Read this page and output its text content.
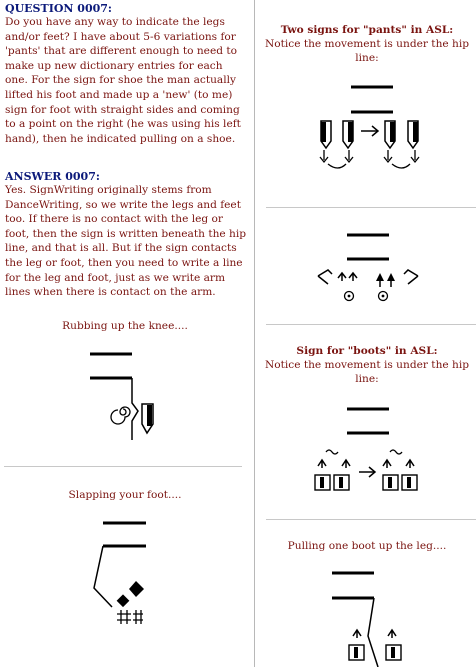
QUESTION 0007:
Do you have any way to indicate the legs and/or feet? I have about 5-6 variations for 'pants' that are different enough to need to make up new dictionary entries for each one. For the sign for shoe the man actually lifted his foot and made up a 'new' (to me) sign for foot with straight sides and coming to a point on the right (he was using his left hand), then he indicated pulling on a shoe.
ANSWER 0007:
Yes. SignWriting originally stems from DanceWriting, so we write the legs and feet too. If there is no contact with the leg or foot, then the sign is written beneath the hip line, and that is all. But if the sign contacts the leg or foot, then you need to write a line for the leg and foot, just as we write arm lines when there is contact on the arm.
Rubbing up the knee....
Slapping your foot....
Two signs for "pants" in ASL:
Notice the movement is under the hip line:
Sign for "boots" in ASL:
Notice the movement is under the hip line:
Pulling one boot up the leg....
